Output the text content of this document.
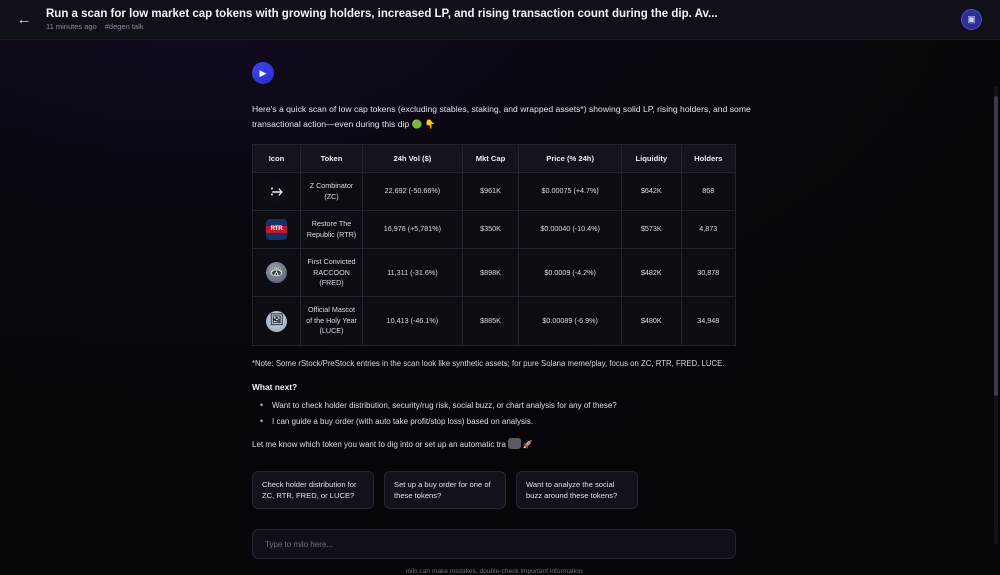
← Run a scan for low market cap tokens with growing holders, increased LP, and rising transaction count during the dip. Av...
11 minutes ago #degen talk
▣
▶
Here's a quick scan of low cap tokens (excluding stables, staking, and wrapped assets*) showing solid LP, rising holders, and some transactional action—even during this dip 🟢 👇
Icon	Token	24h Vol ($)	Mkt Cap	Price (% 24h)	Liquidity	Holders

⧴	Z Combinator (ZC)	22,692 (-50.66%)	$961K	$0.00075 (+4.7%)	$642K	868

RTR	Restore The Republic (RTR)	16,976 (+5,781%)	$350K	$0.00040 (-10.4%)	$573K	4,873

🦝	First Convicted RACCOON (FRED)	11,311 (-31.6%)	$898K	$0.0009 (-4.2%)	$482K	30,878

🖼	Official Mascot of the Holy Year (LUCE)	10,413 (-46.1%)	$885K	$0.00089 (-6.9%)	$480K	34,948
*Note: Some rStock/PreStock entries in the scan look like synthetic assets; for pure Solana meme/play, focus on ZC, RTR, FRED, LUCE.
What next?
• Want to check holder distribution, security/rug risk, social buzz, or chart analysis for any of these?
• I can guide a buy order (with auto take profit/stop loss) based on analysis.
Let me know which token you want to dig into or set up an automatic tra 🚀
Check holder distribution for ZC, RTR, FRED, or LUCE?
Set up a buy order for one of these tokens?
Want to analyze the social buzz around these tokens?
Type to milo here...
milo can make mistakes, double-check important information
